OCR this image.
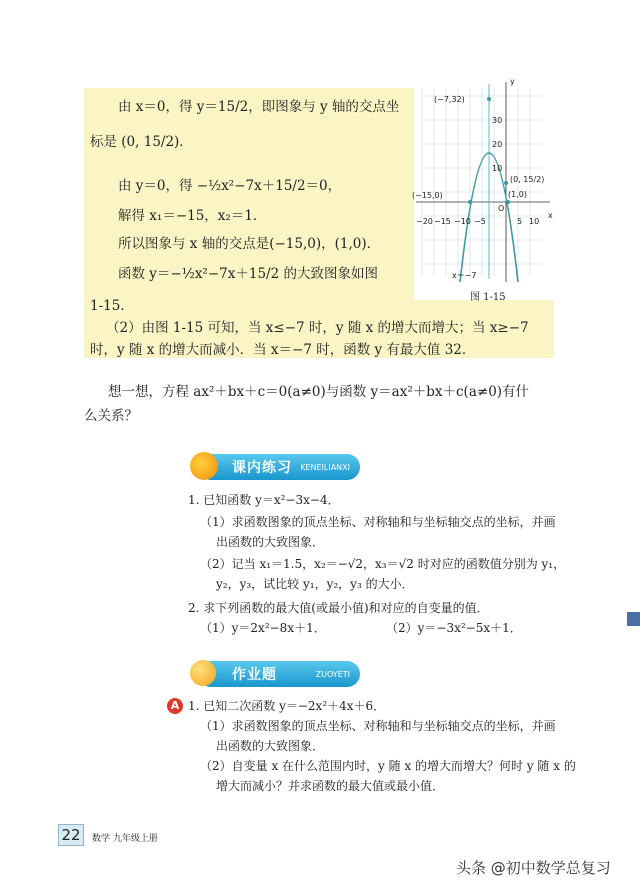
由 x＝0，得 y＝15/2，即图象与 y 轴的交点坐
标是 (0, 15/2)．
由 y＝0，得 −½x²−7x＋15/2＝0，
解得 x₁＝−15，x₂＝1．
所以图象与 x 轴的交点是(−15,0)，(1,0)．
函数 y＝−½x²−7x＋15/2 的大致图象如图
1-15．
（2）由图 1-15 可知，当 x≤−7 时，y 随 x 的增大而增大；当 x≥−7
时，y 随 x 的增大而减小．当 x＝−7 时，函数 y 有最大值 32．
y
x
O
30
20
10
−20 −15 −10 −5	5 10
(−7,32)
(−15,0)	(1,0)
(0, 15/2)
x＝−7
图 1-15
想一想，方程 ax²＋bx＋c＝0(a≠0)与函数 y＝ax²＋bx＋c(a≠0)有什
么关系？
课内练习 KENEILIANXI
1. 已知函数 y＝x²−3x−4．
（1）求函数图象的顶点坐标、对称轴和与坐标轴交点的坐标，并画
出函数的大致图象．
（2）记当 x₁＝1.5，x₂＝−√2，x₃＝√2 时对应的函数值分别为 y₁，
y₂，y₃，试比较 y₁，y₂，y₃ 的大小．
2. 求下列函数的最大值(或最小值)和对应的自变量的值．
（1）y＝2x²−8x＋1．	（2）y＝−3x²−5x＋1．
作业题	ZUOYETI
A 1. 已知二次函数 y＝−2x²＋4x＋6．
（1）求函数图象的顶点坐标、对称轴和与坐标轴交点的坐标，并画
出函数的大致图象．
（2）自变量 x 在什么范围内时，y 随 x 的增大而增大？何时 y 随 x 的
增大而减小？并求函数的最大值或最小值．
22	数学 九年级上册
头条 @初中数学总复习
